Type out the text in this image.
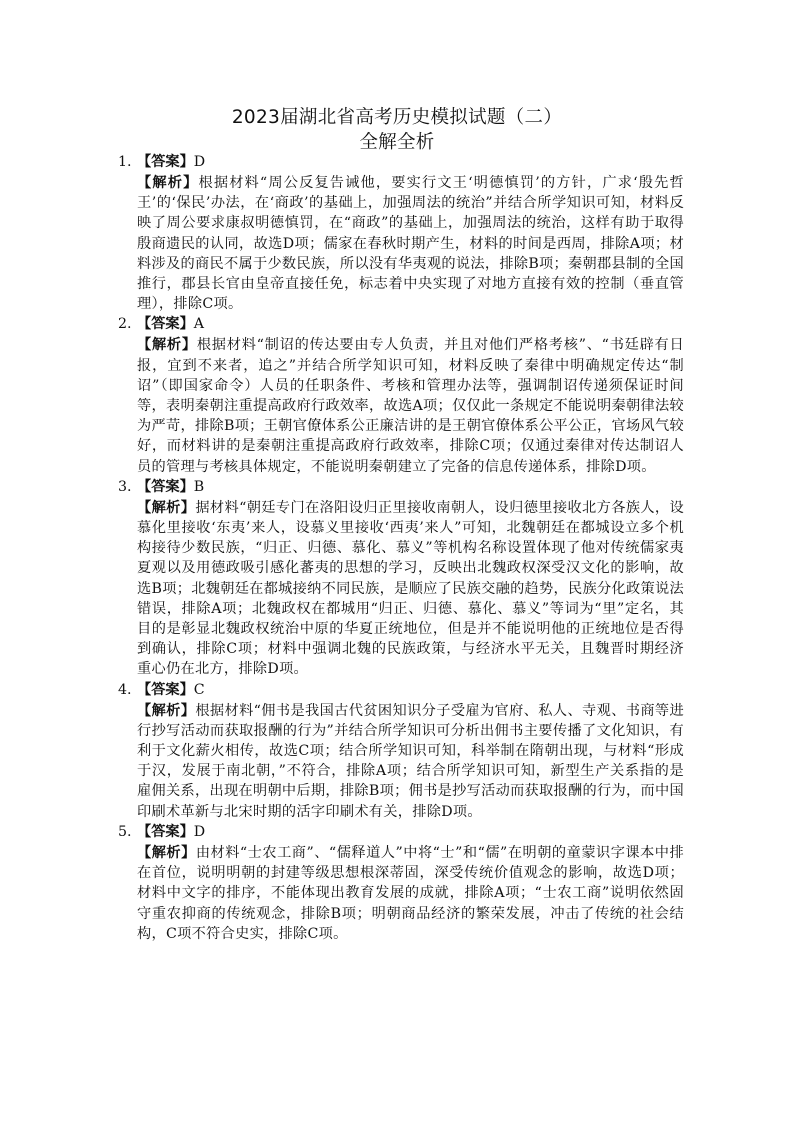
2023届湖北省高考历史模拟试题（二）
全解全析
1. 【答案】D
【解析】根据材料“周公反复告诫他，要实行文王‘明德慎罚’的方针，广求‘殷先哲王’的‘保民’办法，在‘商政’的基础上，加强周法的统治”并结合所学知识可知，材料反映了周公要求康叔明德慎罚，在“商政”的基础上，加强周法的统治，这样有助于取得殷商遗民的认同，故选D项；儒家在春秋时期产生，材料的时间是西周，排除A项；材料涉及的商民不属于少数民族，所以没有华夷观的说法，排除B项；秦朝郡县制的全国推行，郡县长官由皇帝直接任免，标志着中央实现了对地方直接有效的控制（垂直管理），排除C项。
2. 【答案】A
【解析】根据材料“制诏的传达要由专人负责，并且对他们严格考核”、“书廷辟有日报，宜到不来者，追之”并结合所学知识可知，材料反映了秦律中明确规定传达“制诏”（即国家命令）人员的任职条件、考核和管理办法等，强调制诏传递须保证时间等，表明秦朝注重提高政府行政效率，故选A项；仅仅此一条规定不能说明秦朝律法较为严苛，排除B项；王朝官僚体系公正廉洁讲的是王朝官僚体系公平公正，官场风气较好，而材料讲的是秦朝注重提高政府行政效率，排除C项；仅通过秦律对传达制诏人员的管理与考核具体规定，不能说明秦朝建立了完备的信息传递体系，排除D项。
3. 【答案】B
【解析】据材料“朝廷专门在洛阳设归正里接收南朝人，设归德里接收北方各族人，设慕化里接收‘东夷’来人，设慕义里接收‘西夷’来人”可知，北魏朝廷在都城设立多个机构接待少数民族，“归正、归德、慕化、慕义”等机构名称设置体现了他对传统儒家夷夏观以及用德政吸引感化蕃夷的思想的学习，反映出北魏政权深受汉文化的影响，故选B项；北魏朝廷在都城接纳不同民族，是顺应了民族交融的趋势，民族分化政策说法错误，排除A项；北魏政权在都城用“归正、归德、慕化、慕义”等词为“里”定名，其目的是彰显北魏政权统治中原的华夏正统地位，但是并不能说明他的正统地位是否得到确认，排除C项；材料中强调北魏的民族政策，与经济水平无关，且魏晋时期经济重心仍在北方，排除D项。
4. 【答案】C
【解析】根据材料“佣书是我国古代贫困知识分子受雇为官府、私人、寺观、书商等进行抄写活动而获取报酬的行为”并结合所学知识可分析出佣书主要传播了文化知识，有利于文化薪火相传，故选C项；结合所学知识可知，科举制在隋朝出现，与材料“形成于汉，发展于南北朝，”不符合，排除A项；结合所学知识可知，新型生产关系指的是雇佣关系，出现在明朝中后期，排除B项；佣书是抄写活动而获取报酬的行为，而中国印刷术革新与北宋时期的活字印刷术有关，排除D项。
5. 【答案】D
【解析】由材料“士农工商”、“儒释道人”中将“士”和“儒”在明朝的童蒙识字课本中排在首位，说明明朝的封建等级思想根深蒂固，深受传统价值观念的影响，故选D项；材料中文字的排序，不能体现出教育发展的成就，排除A项；“士农工商”说明依然固守重农抑商的传统观念，排除B项；明朝商品经济的繁荣发展，冲击了传统的社会结构，C项不符合史实，排除C项。
